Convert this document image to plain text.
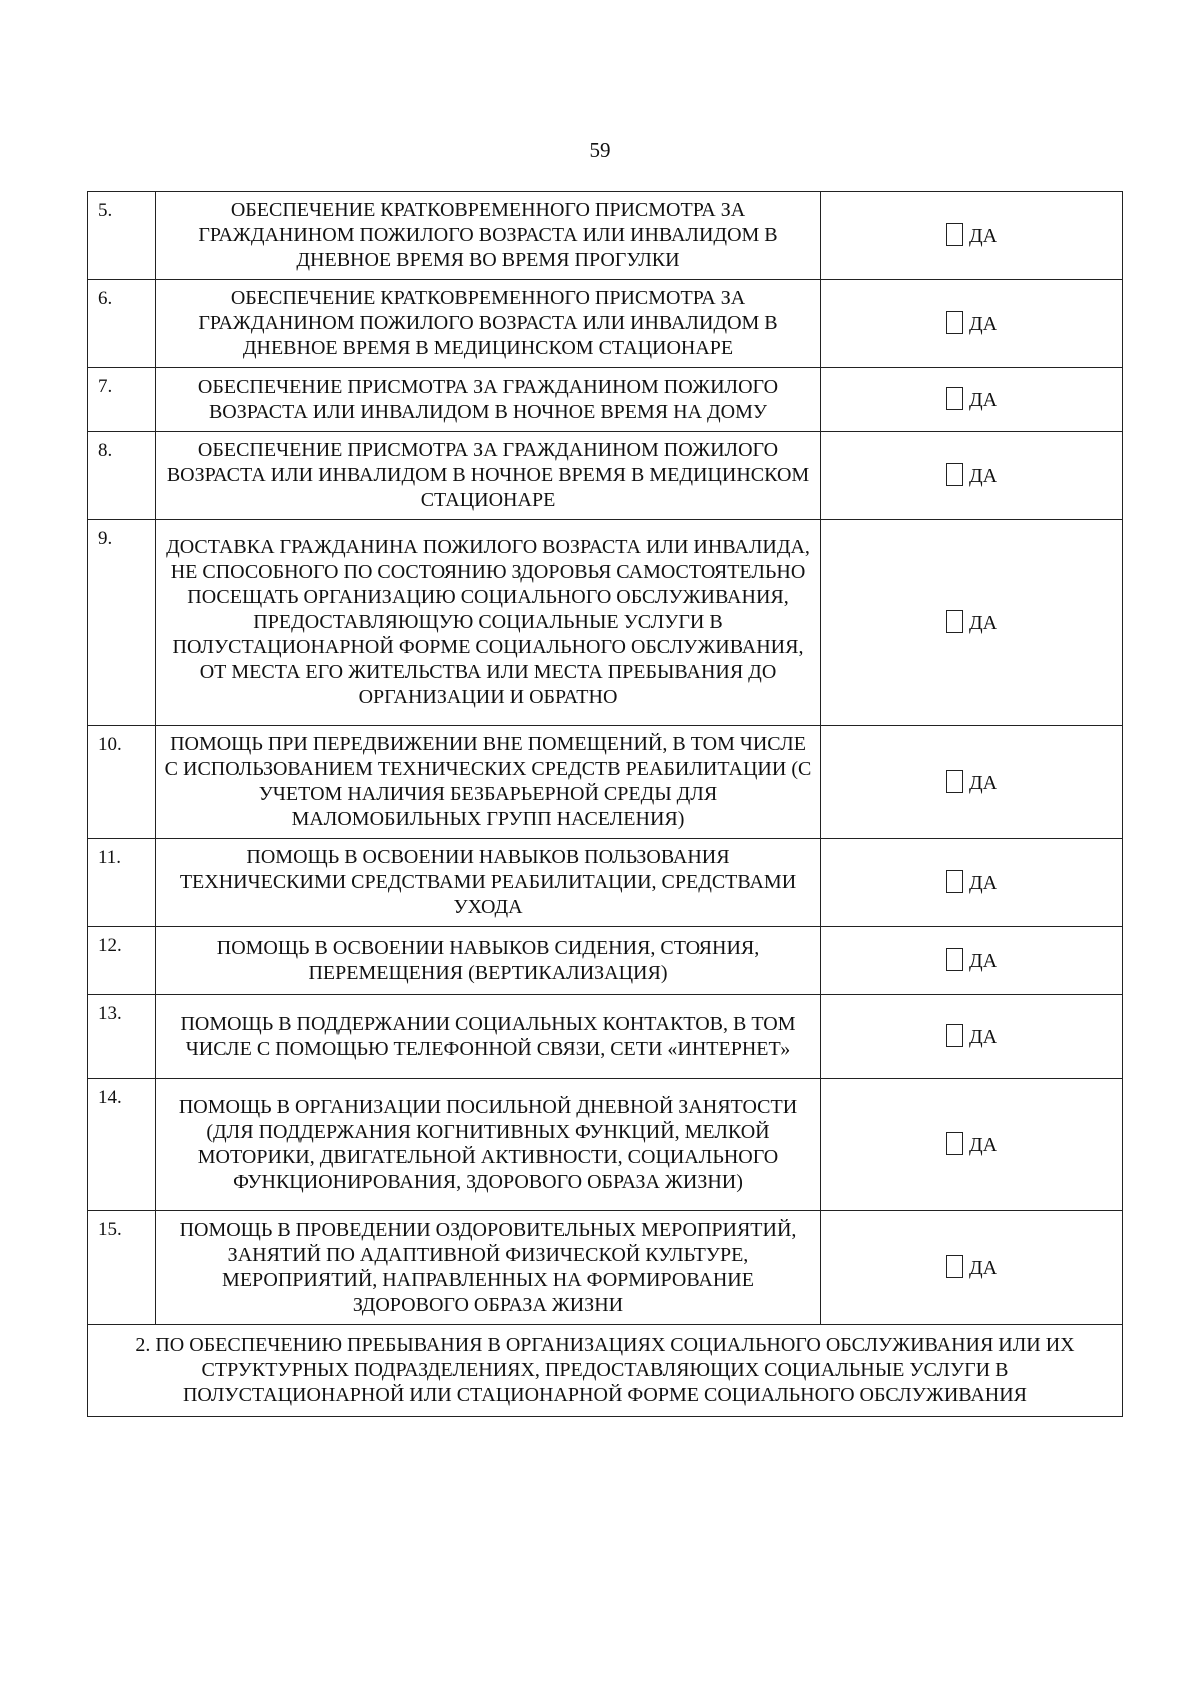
59
5.	ОБЕСПЕЧЕНИЕ КРАТКОВРЕМЕННОГО ПРИСМОТРА ЗА ГРАЖДАНИНОМ ПОЖИЛОГО ВОЗРАСТА ИЛИ ИНВАЛИДОМ В ДНЕВНОЕ ВРЕМЯ ВО ВРЕМЯ ПРОГУЛКИ	ДА
6.	ОБЕСПЕЧЕНИЕ КРАТКОВРЕМЕННОГО ПРИСМОТРА ЗА ГРАЖДАНИНОМ ПОЖИЛОГО ВОЗРАСТА ИЛИ ИНВАЛИДОМ В ДНЕВНОЕ ВРЕМЯ В МЕДИЦИНСКОМ СТАЦИОНАРЕ	ДА
7.	ОБЕСПЕЧЕНИЕ ПРИСМОТРА ЗА ГРАЖДАНИНОМ ПОЖИЛОГО ВОЗРАСТА ИЛИ ИНВАЛИДОМ В НОЧНОЕ ВРЕМЯ НА ДОМУ	ДА
8.	ОБЕСПЕЧЕНИЕ ПРИСМОТРА ЗА ГРАЖДАНИНОМ ПОЖИЛОГО ВОЗРАСТА ИЛИ ИНВАЛИДОМ В НОЧНОЕ ВРЕМЯ В МЕДИЦИНСКОМ СТАЦИОНАРЕ	ДА
9.	ДОСТАВКА ГРАЖДАНИНА ПОЖИЛОГО ВОЗРАСТА ИЛИ ИНВАЛИДА, НЕ СПОСОБНОГО ПО СОСТОЯНИЮ ЗДОРОВЬЯ САМОСТОЯТЕЛЬНО ПОСЕЩАТЬ ОРГАНИЗАЦИЮ СОЦИАЛЬНОГО ОБСЛУЖИВАНИЯ, ПРЕДОСТАВЛЯЮЩУЮ СОЦИАЛЬНЫЕ УСЛУГИ В ПОЛУСТАЦИОНАРНОЙ ФОРМЕ СОЦИАЛЬНОГО ОБСЛУЖИВАНИЯ, ОТ МЕСТА ЕГО ЖИТЕЛЬСТВА ИЛИ МЕСТА ПРЕБЫВАНИЯ ДО ОРГАНИЗАЦИИ И ОБРАТНО	ДА
10.	ПОМОЩЬ ПРИ ПЕРЕДВИЖЕНИИ ВНЕ ПОМЕЩЕНИЙ, В ТОМ ЧИСЛЕ С ИСПОЛЬЗОВАНИЕМ ТЕХНИЧЕСКИХ СРЕДСТВ РЕАБИЛИТАЦИИ (С УЧЕТОМ НАЛИЧИЯ БЕЗБАРЬЕРНОЙ СРЕДЫ ДЛЯ МАЛОМОБИЛЬНЫХ ГРУПП НАСЕЛЕНИЯ)	ДА
11.	ПОМОЩЬ В ОСВОЕНИИ НАВЫКОВ ПОЛЬЗОВАНИЯ ТЕХНИЧЕСКИМИ СРЕДСТВАМИ РЕАБИЛИТАЦИИ, СРЕДСТВАМИ УХОДА	ДА
12.	ПОМОЩЬ В ОСВОЕНИИ НАВЫКОВ СИДЕНИЯ, СТОЯНИЯ, ПЕРЕМЕЩЕНИЯ (ВЕРТИКАЛИЗАЦИЯ)	ДА
13.	ПОМОЩЬ В ПОДДЕРЖАНИИ СОЦИАЛЬНЫХ КОНТАКТОВ, В ТОМ ЧИСЛЕ С ПОМОЩЬЮ ТЕЛЕФОННОЙ СВЯЗИ, СЕТИ «ИНТЕРНЕТ»	ДА
14.	ПОМОЩЬ В ОРГАНИЗАЦИИ ПОСИЛЬНОЙ ДНЕВНОЙ ЗАНЯТОСТИ (ДЛЯ ПОДДЕРЖАНИЯ КОГНИТИВНЫХ ФУНКЦИЙ, МЕЛКОЙ МОТОРИКИ, ДВИГАТЕЛЬНОЙ АКТИВНОСТИ, СОЦИАЛЬНОГО ФУНКЦИОНИРОВАНИЯ, ЗДОРОВОГО ОБРАЗА ЖИЗНИ)	ДА
15.	ПОМОЩЬ В ПРОВЕДЕНИИ ОЗДОРОВИТЕЛЬНЫХ МЕРОПРИЯТИЙ, ЗАНЯТИЙ ПО АДАПТИВНОЙ ФИЗИЧЕСКОЙ КУЛЬТУРЕ, МЕРОПРИЯТИЙ, НАПРАВЛЕННЫХ НА ФОРМИРОВАНИЕ ЗДОРОВОГО ОБРАЗА ЖИЗНИ	ДА
2. ПО ОБЕСПЕЧЕНИЮ ПРЕБЫВАНИЯ В ОРГАНИЗАЦИЯХ СОЦИАЛЬНОГО ОБСЛУЖИВАНИЯ ИЛИ ИХ СТРУКТУРНЫХ ПОДРАЗДЕЛЕНИЯХ, ПРЕДОСТАВЛЯЮЩИХ СОЦИАЛЬНЫЕ УСЛУГИ В ПОЛУСТАЦИОНАРНОЙ ИЛИ СТАЦИОНАРНОЙ ФОРМЕ СОЦИАЛЬНОГО ОБСЛУЖИВАНИЯ		
